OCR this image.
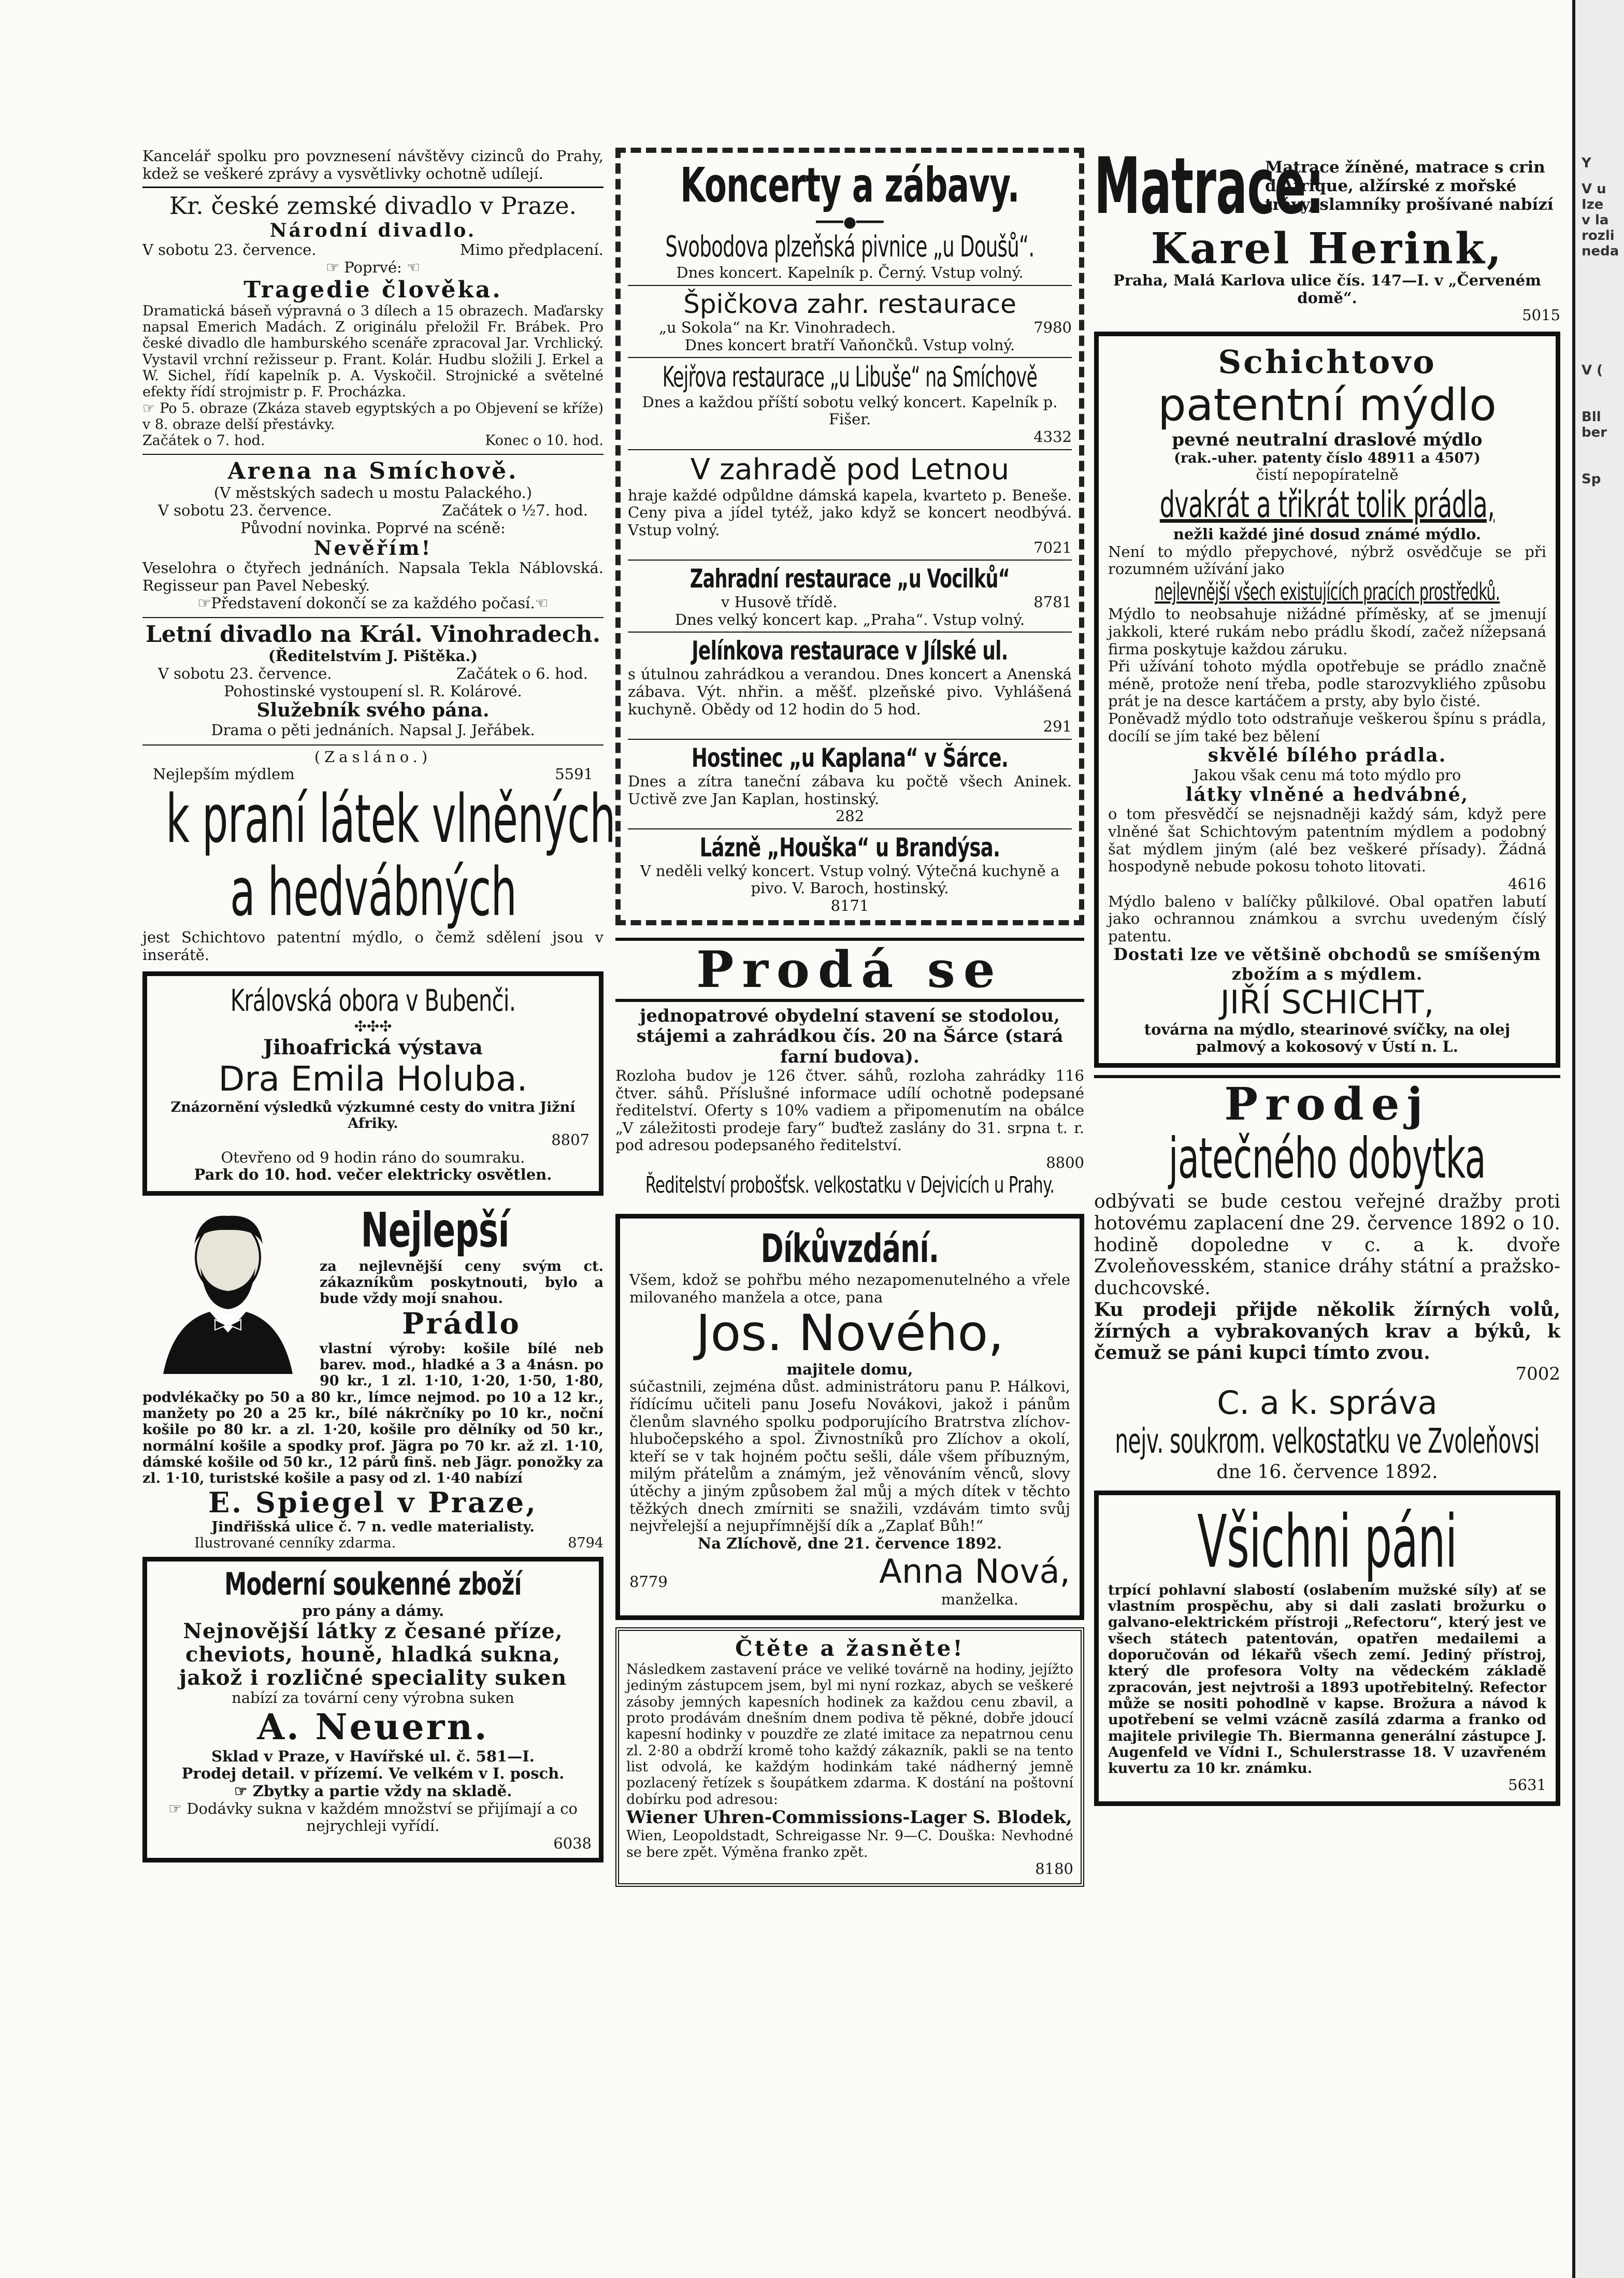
Kancelář spolku pro povznesení návštěvy cizinců do Prahy, kdež se veškeré zprávy a vysvětlivky ochotně udílejí.

Kr. české zemské divadlo v Praze.

Národní divadlo.

V sobotu 23. července.	Mimo předplacení.

☞ Poprvé: ☜

Tragedie člověka.

Dramatická báseň výpravná o 3 dílech a 15 obrazech. Maďarsky napsal Emerich Madách. Z originálu přeložil Fr. Brábek. Pro české divadlo dle hamburského scenáře zpracoval Jar. Vrchlický. Vystavil vrchní režisseur p. Frant. Kolár. Hudbu složili J. Erkel a W. Sichel, řídí kapelník p. A. Vyskočil. Strojnické a světelné efekty řídí strojmistr p. F. Procházka.

☞ Po 5. obraze (Zkáza staveb egyptských a po Objevení se kříže) v 8. obraze delší přestávky.

Začátek o 7. hod.	Konec o 10. hod.

Arena na Smíchově.

(V městských sadech u mostu Palackého.)

V sobotu 23. července.	Začátek o ½7. hod.

Původní novinka. Poprvé na scéně:

Nevěřím!

Veselohra o čtyřech jednáních. Napsala Tekla Náblovská. Regisseur pan Pavel Nebeský.

☞Představení dokončí se za každého počasí.☜

Letní divadlo na Král. Vinohradech.

(Ředitelstvím J. Pištěka.)

V sobotu 23. července.	Začátek o 6. hod.

Pohostinské vystoupení sl. R. Kolárové.

Služebník svého pána.

Drama o pěti jednáních. Napsal J. Jeřábek.

(Zasláno.)

Nejlepším mýdlem	5591

k praní látek vlněných

a hedvábných

jest Schichtovo patentní mýdlo, o čemž sdělení jsou v inserátě.

Královská obora v Bubenči.

✣✣✣

Jihoafrická výstava

Dra Emila Holuba.

Znázornění výsledků výzkumné cesty do vnitra Jižní Afriky.

8807

Otevřeno od 9 hodin ráno do soumraku.

Park do 10. hod. večer elektricky osvětlen.

Nejlepší

za nejlevnější ceny svým ct. zákazníkům poskytnouti, bylo a bude vždy mojí snahou.

Prádlo

vlastní výroby: košile bílé neb barev. mod., hladké a 3 a 4násn. po 90 kr., 1 zl. 1·10, 1·20, 1·50, 1·80, podvlékačky po 50 a 80 kr., límce nejmod. po 10 a 12 kr., manžety po 20 a 25 kr., bílé nákrčníky po 10 kr., noční košile po 80 kr. a zl. 1·20, košile pro dělníky od 50 kr., normální košile a spodky prof. Jägra po 70 kr. až zl. 1·10, dámské košile od 50 kr., 12 párů finš. neb Jägr. ponožky za zl. 1·10, turistské košile a pasy od zl. 1·40 nabízí

E. Spiegel v Praze,

Jindřišská ulice č. 7 n. vedle materialisty.

Ilustrované cenníky zdarma.	8794

Moderní soukenné zboží

pro pány a dámy.

Nejnovější látky z česané příze, cheviots, houně, hladká sukna, jakož i rozličné speciality suken

nabízí za tovární ceny výrobna suken

A. Neuern.

Sklad v Praze, v Havířské ul. č. 581—I.

Prodej detail. v přízemí. Ve velkém v I. posch.

☞ Zbytky a partie vždy na skladě.

☞ Dodávky sukna v každém množství se přijímají a co nejrychleji vyřídí.

6038

Koncerty a zábavy.

━━━●━━━

Svobodova plzeňská pivnice „u Doušů“.

Dnes koncert. Kapelník p. Černý. Vstup volný.

Špičkova zahr. restaurace

„u Sokola“ na Kr. Vinohradech.	7980

Dnes koncert bratří Vaňončků. Vstup volný.

Kejřova restaurace „u Libuše“ na Smíchově

Dnes a každou příští sobotu velký koncert. Kapelník p. Fišer.

4332

V zahradě pod Letnou

hraje každé odpůldne dámská kapela, kvarteto p. Beneše. Ceny piva a jídel tytéž, jako když se koncert neodbývá. Vstup volný.

7021

Zahradní restaurace „u Vocilků“

v Husově třídě.	8781

Dnes velký koncert kap. „Praha“. Vstup volný.

Jelínkova restaurace v Jílské ul.

s útulnou zahrádkou a verandou. Dnes koncert a Anenská zábava. Výt. nhřin. a měšť. plzeňské pivo. Vyhlášená kuchyně. Obědy od 12 hodin do 5 hod.

291

Hostinec „u Kaplana“ v Šárce.

Dnes a zítra taneční zábava ku počtě všech Aninek. Uctivě zve Jan Kaplan, hostinský.

282

Lázně „Houška“ u Brandýsa.

V neděli velký koncert. Vstup volný. Výtečná kuchyně a pivo. V. Baroch, hostinský.

8171

Prodá se

jednopatrové obydelní stavení se stodolou, stájemi a zahrádkou čís. 20 na Šárce (stará farní budova).

Rozloha budov je 126 čtver. sáhů, rozloha zahrádky 116 čtver. sáhů. Příslušné informace udílí ochotně podepsané ředitelství. Oferty s 10% vadiem a připomenutím na obálce „V záležitosti prodeje fary“ buďtež zaslány do 31. srpna t. r. pod adresou podepsaného ředitelství.

8800

Ředitelství probošťsk. velkostatku v Dejvicích u Prahy.

Díkůvzdání.

Všem, kdož se pohřbu mého nezapomenutelného a vřele milovaného manžela a otce, pana

Jos. Nového,

majitele domu,

súčastnili, zejména důst. administrátoru panu P. Hálkovi, řídícímu učiteli panu Josefu Novákovi, jakož i pánům členům slavného spolku podporujícího Bratrstva zlíchov-hlubočepského a spol. Živnostníků pro Zlíchov a okolí, kteří se v tak hojném počtu sešli, dále všem příbuzným, milým přátelům a známým, jež věnováním věnců, slovy útěchy a jiným způsobem žal můj a mých dítek v těchto těžkých dnech zmírniti se snažili, vzdávám timto svůj nejvřelejší a nejupřímnější dík a „Zaplať Bůh!“

Na Zlíchově, dne 21. července 1892.

8779	Anna Nová,

manželka.

Čtěte a žasněte!

Následkem zastavení práce ve veliké továrně na hodiny, jejížto jediným zástupcem jsem, byl mi nyní rozkaz, abych se veškeré zásoby jemných kapesních hodinek za každou cenu zbavil, a proto prodávám dnešním dnem podiva tě pěkné, dobře jdoucí kapesní hodinky v pouzdře ze zlaté imitace za nepatrnou cenu zl. 2·80 a obdrží kromě toho každý zákazník, pakli se na tento list odvolá, ke každým hodinkám také nádherný jemně pozlacený řetízek s šoupátkem zdarma. K dostání na poštovní dobírku pod adresou:

Wiener Uhren-Commissions-Lager S. Blodek,

Wien, Leopoldstadt, Schreigasse Nr. 9—C. Douška: Nevhodné se bere zpět. Výměna franko zpět.

8180

Matrace:
Matrace žíněné, matrace s crin d'Afrique, alžírské z mořské trávy, slamníky prošívané nabízí

Karel Herink,

Praha, Malá Karlova ulice čís. 147—I. v „Červeném domě“.

5015

Schichtovo

patentní mýdlo

pevné neutralní draslové mýdlo

(rak.-uher. patenty číslo 48911 a 4507)

čistí nepopíratelně

dvakrát a třikrát tolik prádla,

nežli každé jiné dosud známé mýdlo.

Není to mýdlo přepychové, nýbrž osvědčuje se při rozumném užívání jako

nejlevnější všech existujících pracích prostředků.

Mýdlo to neobsahuje nižádné příměsky, ať se jmenují jakkoli, které rukám nebo prádlu škodí, začež nížepsaná firma poskytuje každou záruku.

Při užívání tohoto mýdla opotřebuje se prádlo značně méně, protože není třeba, podle starozvykliého způsobu prát je na desce kartáčem a prsty, aby bylo čisté.

Poněvadž mýdlo toto odstraňuje veškerou špínu s prádla, docílí se jím také bez bělení

skvělé bílého prádla.

Jakou však cenu má toto mýdlo pro

látky vlněné a hedvábné,

o tom přesvědčí se nejsnadněji každý sám, když pere vlněné šat Schichtovým patentním mýdlem a podobný šat mýdlem jiným (alé bez veškeré přísady). Žádná hospodyně nebude pokosu tohoto litovati.

4616

Mýdlo baleno v balíčky půlkilové. Obal opatřen labutí jako ochrannou známkou a svrchu uvedeným číslý patentu.

Dostati lze ve většině obchodů se smíšeným zbožím a s mýdlem.

JIŘÍ SCHICHT,

továrna na mýdlo, stearinové svíčky, na olej palmový a kokosový v Ústí n. L.

Prodej

jatečného dobytka

odbývati se bude cestou veřejné dražby proti hotovému zaplacení dne 29. července 1892 o 10. hodině dopoledne v c. a k. dvoře Zvoleňovesském, stanice dráhy státní a pražsko-duchcovské.

Ku prodeji přijde několik žírných volů, žírných a vybrakovaných krav a býků, k čemuž se páni kupci tímto zvou.

7002

C. a k. správa

nejv. soukrom. velkostatku ve Zvoleňovsi

dne 16. července 1892.

Všichni páni

trpící pohlavní slabostí (oslabením mužské síly) ať se vlastním prospěchu, aby si dali zaslati brožurku o galvano-elektrickém přístroji „Refectoru“, který jest ve všech státech patentován, opatřen medailemi a doporučován od lékařů všech zemí. Jediný přístroj, který dle profesora Volty na vědeckém základě zpracován, jest nejvtroši a 1893 upotřebitelný. Refector může se nositi pohodlně v kapse. Brožura a návod k upotřebení se velmi vzácně zasílá zdarma a franko od majitele privilegie Th. Biermanna generální zástupce J. Augenfeld ve Vídni I., Schulerstrasse 18. V uzavřeném kuvertu za 10 kr. známku.

5631

Y
V u
Ize
v la
rozli
neda
V (
Bll
ber
Sp
